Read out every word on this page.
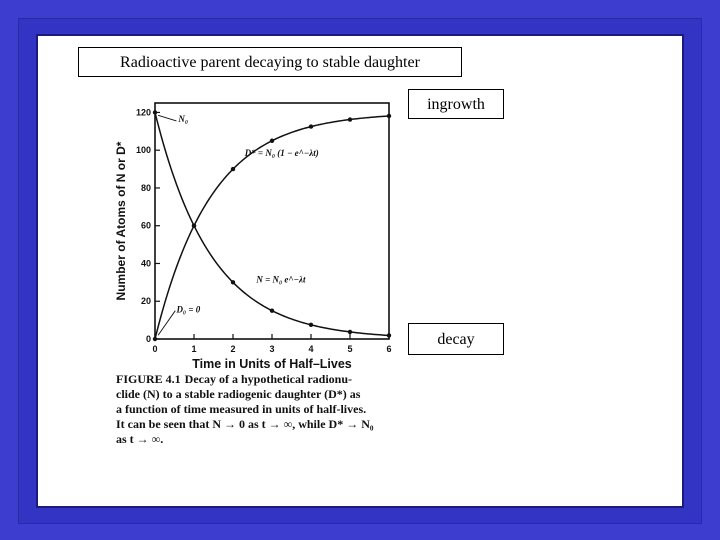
Radioactive parent decaying to stable daughter
0	1	2	3	4	5	6
0
20
40
60
80
100
120
Time in Units of Half–Lives
Number of Atoms of N or D*
N₀
D* = N₀ (1 − e^−λt)
N = N₀ e^−λt
D₀ = 0
ingrowth
decay
FIGURE 4.1 Decay of a hypothetical radionu-
clide (N) to a stable radiogenic daughter (D*) as
a function of time measured in units of half-lives.
It can be seen that N → 0 as t → ∞, while D* → N₀
as t → ∞.
